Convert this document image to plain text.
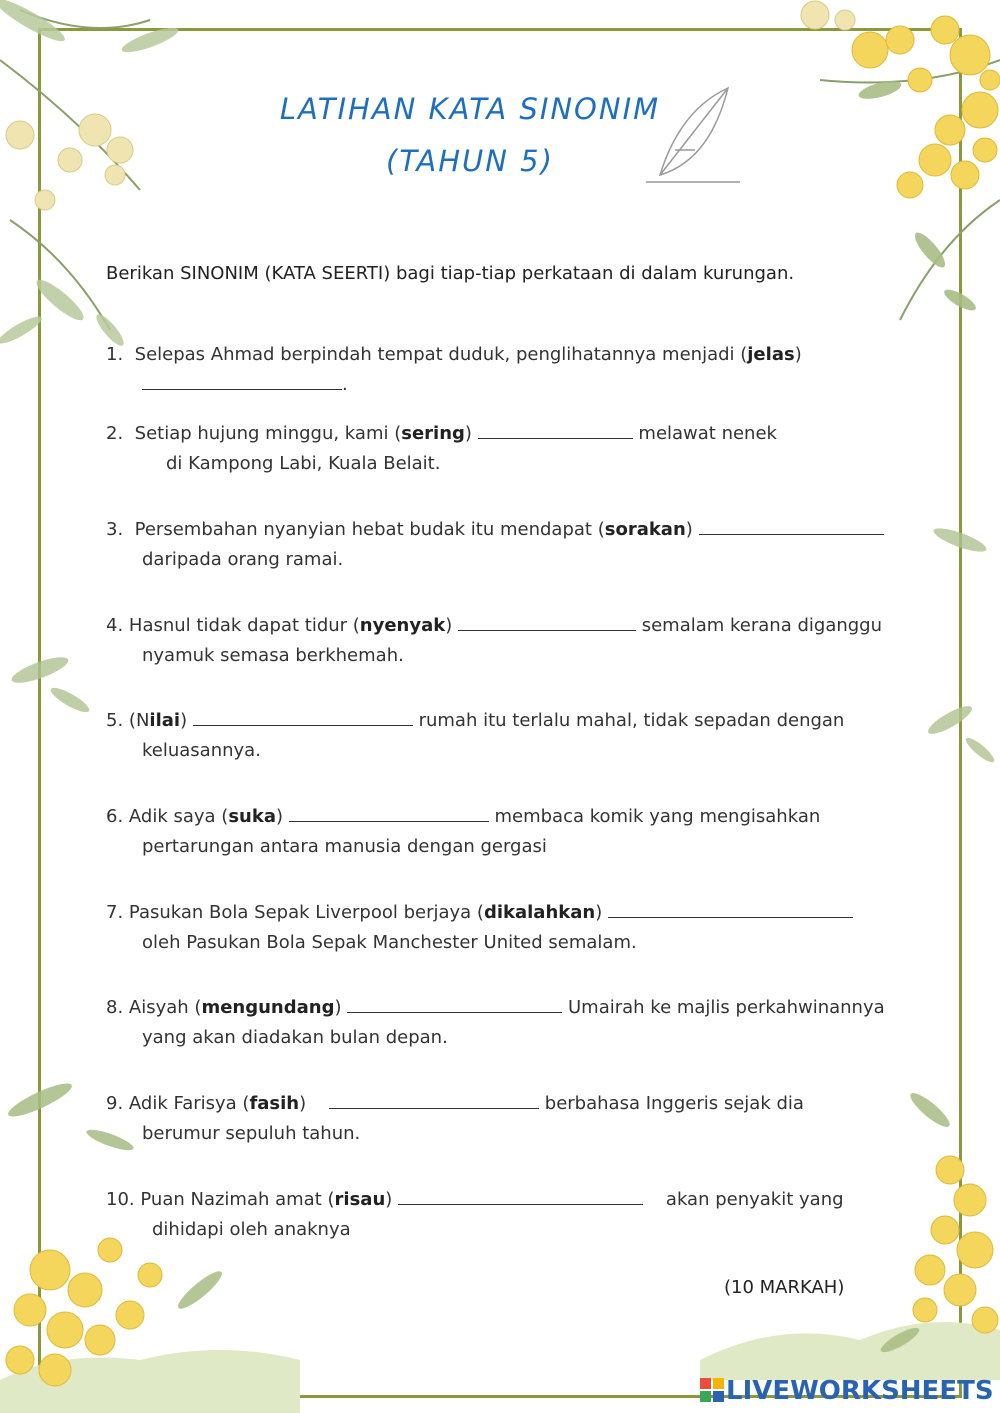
LATIHAN KATA SINONIM
(TAHUN 5)
Berikan SINONIM (KATA SEERTI) bagi tiap-tiap perkataan di dalam kurungan.
1. Selepas Ahmad berpindah tempat duduk, penglihatannya menjadi (jelas)
.
2. Setiap hujung minggu, kami (sering)	melawat nenek
di Kampong Labi, Kuala Belait.
3. Persembahan nyanyian hebat budak itu mendapat (sorakan)
daripada orang ramai.
4. Hasnul tidak dapat tidur (nyenyak)	semalam kerana diganggu
nyamuk semasa berkhemah.
5. (Nilai)	rumah itu terlalu mahal, tidak sepadan dengan
keluasannya.
6. Adik saya (suka)	membaca komik yang mengisahkan
pertarungan antara manusia dengan gergasi
7. Pasukan Bola Sepak Liverpool berjaya (dikalahkan)
oleh Pasukan Bola Sepak Manchester United semalam.
8. Aisyah (mengundang)	Umairah ke majlis perkahwinannya
yang akan diadakan bulan depan.
9. Adik Farisya (fasih)	berbahasa Inggeris sejak dia
berumur sepuluh tahun.
10. Puan Nazimah amat (risau)	akan penyakit yang
dihidapi oleh anaknya
(10 MARKAH)
LIVEWORKSHEETS
